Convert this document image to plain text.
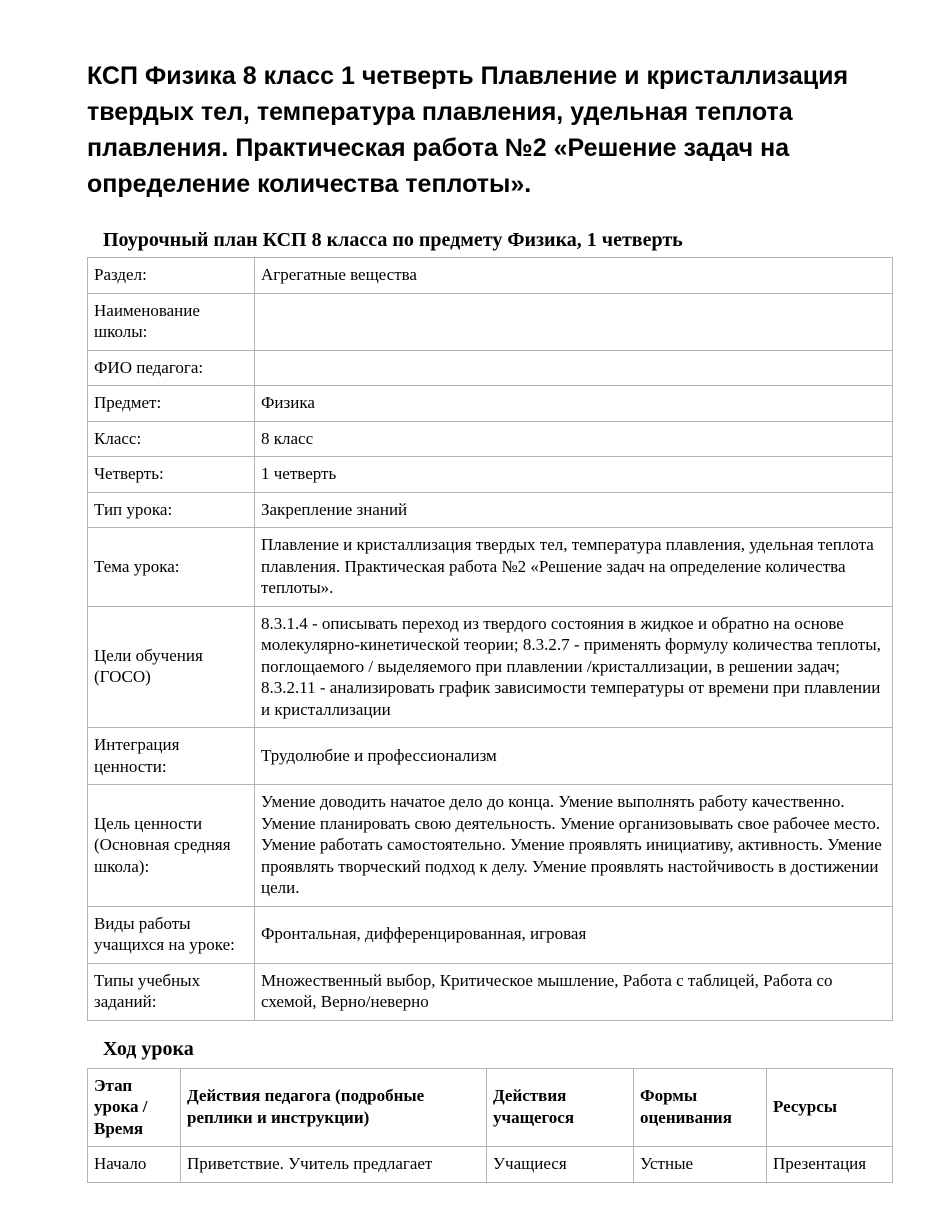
КСП Физика 8 класс 1 четверть Плавление и кристаллизация твердых тел, температура плавления, удельная теплота плавления. Практическая работа №2 «Решение задач на определение количества теплоты».
Поурочный план КСП 8 класса по предмету Физика, 1 четверть
Раздел:	Агрегатные вещества
Наименование школы:	
ФИО педагога:	
Предмет:	Физика
Класс:	8 класс
Четверть:	1 четверть
Тип урока:	Закрепление знаний
Тема урока:	Плавление и кристаллизация твердых тел, температура плавления, удельная теплота плавления. Практическая работа №2 «Решение задач на определение количества теплоты».
Цели обучения (ГОСО)	8.3.1.4 - описывать переход из твердого состояния в жидкое и обратно на основе молекулярно-кинетической теории; 8.3.2.7 - применять формулу количества теплоты, поглощаемого / выделяемого при плавлении /кристаллизации, в решении задач; 8.3.2.11 - анализировать график зависимости температуры от времени при плавлении и кристаллизации
Интеграция ценности:	Трудолюбие и профессионализм
Цель ценности (Основная средняя школа):	Умение доводить начатое дело до конца. Умение выполнять работу качественно. Умение планировать свою деятельность. Умение организовывать свое рабочее место. Умение работать самостоятельно. Умение проявлять инициативу, активность. Умение проявлять творческий подход к делу. Умение проявлять настойчивость в достижении цели.
Виды работы учащихся на уроке:	Фронтальная, дифференцированная, игровая
Типы учебных заданий:	Множественный выбор, Критическое мышление, Работа с таблицей, Работа со схемой, Верно/неверно
Ход урока
Этап урока / Время	Действия педагога (подробные реплики и инструкции)	Действия учащегося	Формы оценивания	Ресурсы
Начало	Приветствие. Учитель предлагает	Учащиеся	Устные	Презентация
